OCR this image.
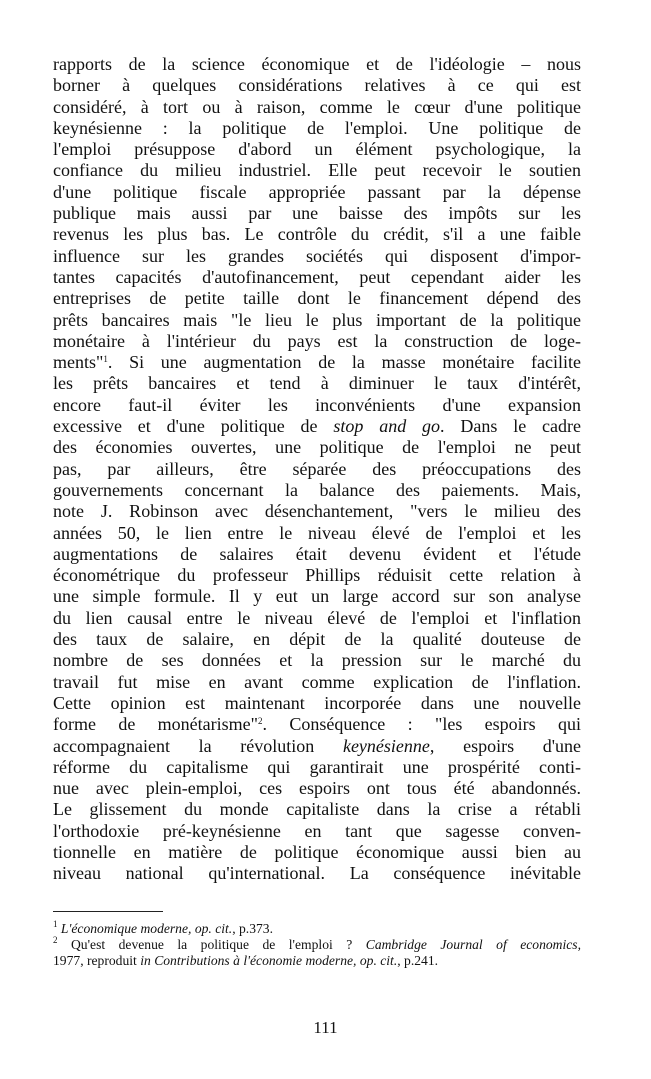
rapports de la science économique et de l'idéologie – nous
borner à quelques considérations relatives à ce qui est
considéré, à tort ou à raison, comme le cœur d'une politique
keynésienne : la politique de l'emploi. Une politique de
l'emploi présuppose d'abord un élément psychologique, la
confiance du milieu industriel. Elle peut recevoir le soutien
d'une politique fiscale appropriée passant par la dépense
publique mais aussi par une baisse des impôts sur les
revenus les plus bas. Le contrôle du crédit, s'il a une faible
influence sur les grandes sociétés qui disposent d'impor-
tantes capacités d'autofinancement, peut cependant aider les
entreprises de petite taille dont le financement dépend des
prêts bancaires mais "le lieu le plus important de la politique
monétaire à l'intérieur du pays est la construction de loge-
ments"$^1$. Si une augmentation de la masse monétaire facilite
les prêts bancaires et tend à diminuer le taux d'intérêt,
encore faut-il éviter les inconvénients d'une expansion
excessive et d'une politique de stop and go. Dans le cadre
des économies ouvertes, une politique de l'emploi ne peut
pas, par ailleurs, être séparée des préoccupations des
gouvernements concernant la balance des paiements. Mais,
note J. Robinson avec désenchantement, "vers le milieu des
années 50, le lien entre le niveau élevé de l'emploi et les
augmentations de salaires était devenu évident et l'étude
économétrique du professeur Phillips réduisit cette relation à
une simple formule. Il y eut un large accord sur son analyse
du lien causal entre le niveau élevé de l'emploi et l'inflation
des taux de salaire, en dépit de la qualité douteuse de
nombre de ses données et la pression sur le marché du
travail fut mise en avant comme explication de l'inflation.
Cette opinion est maintenant incorporée dans une nouvelle
forme de monétarisme"$^2$. Conséquence : "les espoirs qui
accompagnaient la révolution keynésienne, espoirs d'une
réforme du capitalisme qui garantirait une prospérité conti-
nue avec plein-emploi, ces espoirs ont tous été abandonnés.
Le glissement du monde capitaliste dans la crise a rétabli
l'orthodoxie pré-keynésienne en tant que sagesse conven-
tionnelle en matière de politique économique aussi bien au
niveau national qu'international. La conséquence inévitable
$^1$ L'économique moderne, op. cit., p.373.
$^2$ Qu'est devenue la politique de l'emploi ? Cambridge Journal of economics,
1977, reproduit in Contributions à l'économie moderne, op. cit., p.241.
111
